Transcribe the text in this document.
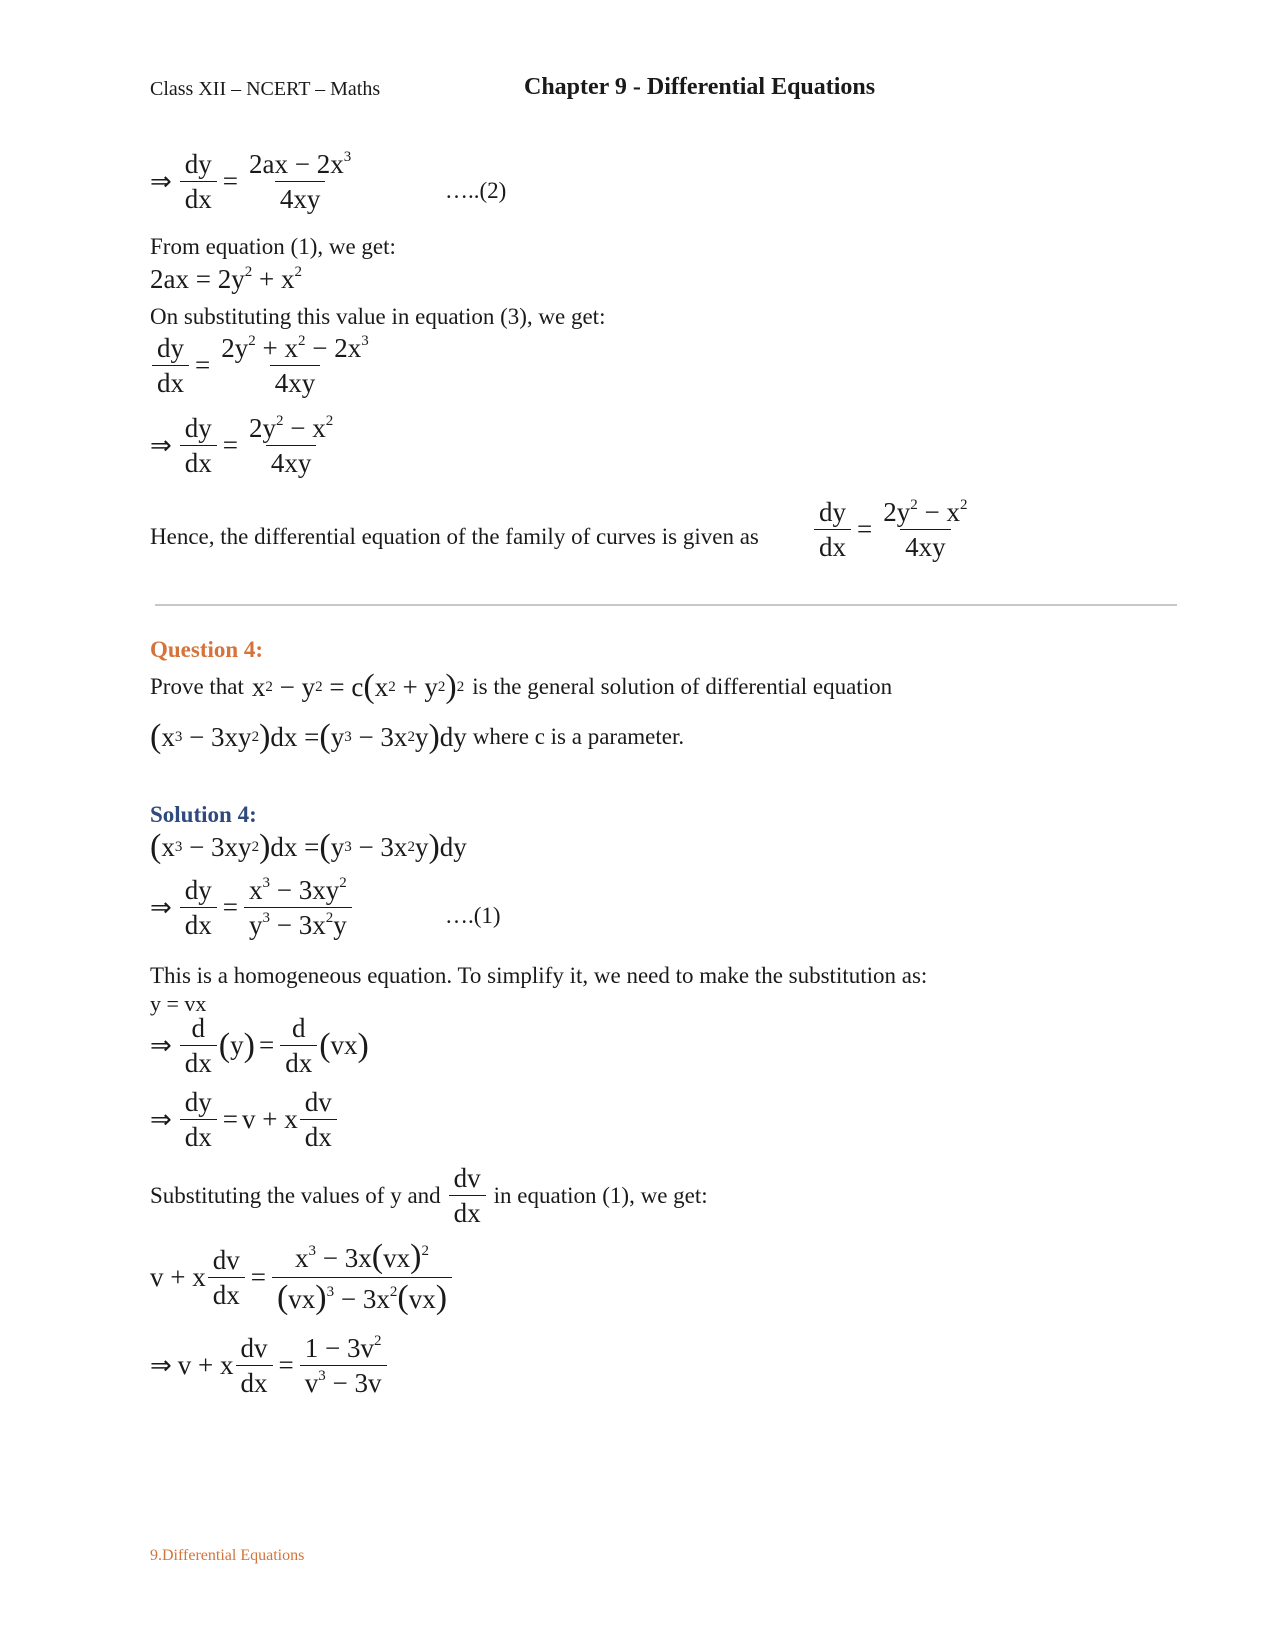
Class XII – NCERT – Maths	Chapter 9 - Differential Equations
⇒ $\frac{dy}{dx} = \frac{2ax - 2x^3}{4xy}$	…..(2)
From equation (1), we get:
$2ax = 2y^2 + x^2$
On substituting this value in equation (3), we get:
$\frac{dy}{dx} = \frac{2y^2 + x^2 - 2x^3}{4xy}$
⇒ $\frac{dy}{dx} = \frac{2y^2 - x^2}{4xy}$
Hence, the differential equation of the family of curves is given as $\frac{dy}{dx} = \frac{2y^2 - x^2}{4xy}$
Question 4:
Prove that x 2 − y 2 = c ( x 2 + y 2 ) 2 is the general solution of differential equation
( x 3 − 3xy 2 ) dx = ( y 3 − 3x 2 y ) dy where c is a parameter.
Solution 4:
( x 3 − 3xy 2 ) dx = ( y 3 − 3x 2 y ) dy
⇒ $\frac{dy}{dx} = \frac{x^3 - 3xy^2}{y^3 - 3x^2y}$	….(1)
This is a homogeneous equation. To simplify it, we need to make the substitution as:
y = vx
⇒ $\frac{d}{dx}$ ( y ) = $\frac{d}{dx}$ ( vx )
⇒ $\frac{dy}{dx} = v + x \frac{dv}{dx}$
Substituting the values of y and $\frac{dv}{dx}$ in equation (1), we get:
v + x $\frac{dv}{dx} = \frac{x^3 - 3x(vx)^2}{(vx)^3 - 3x^2(vx)}$
⇒ v + x $\frac{dv}{dx} = \frac{1 - 3v^2}{v^3 - 3v}$
9.Differential Equations
